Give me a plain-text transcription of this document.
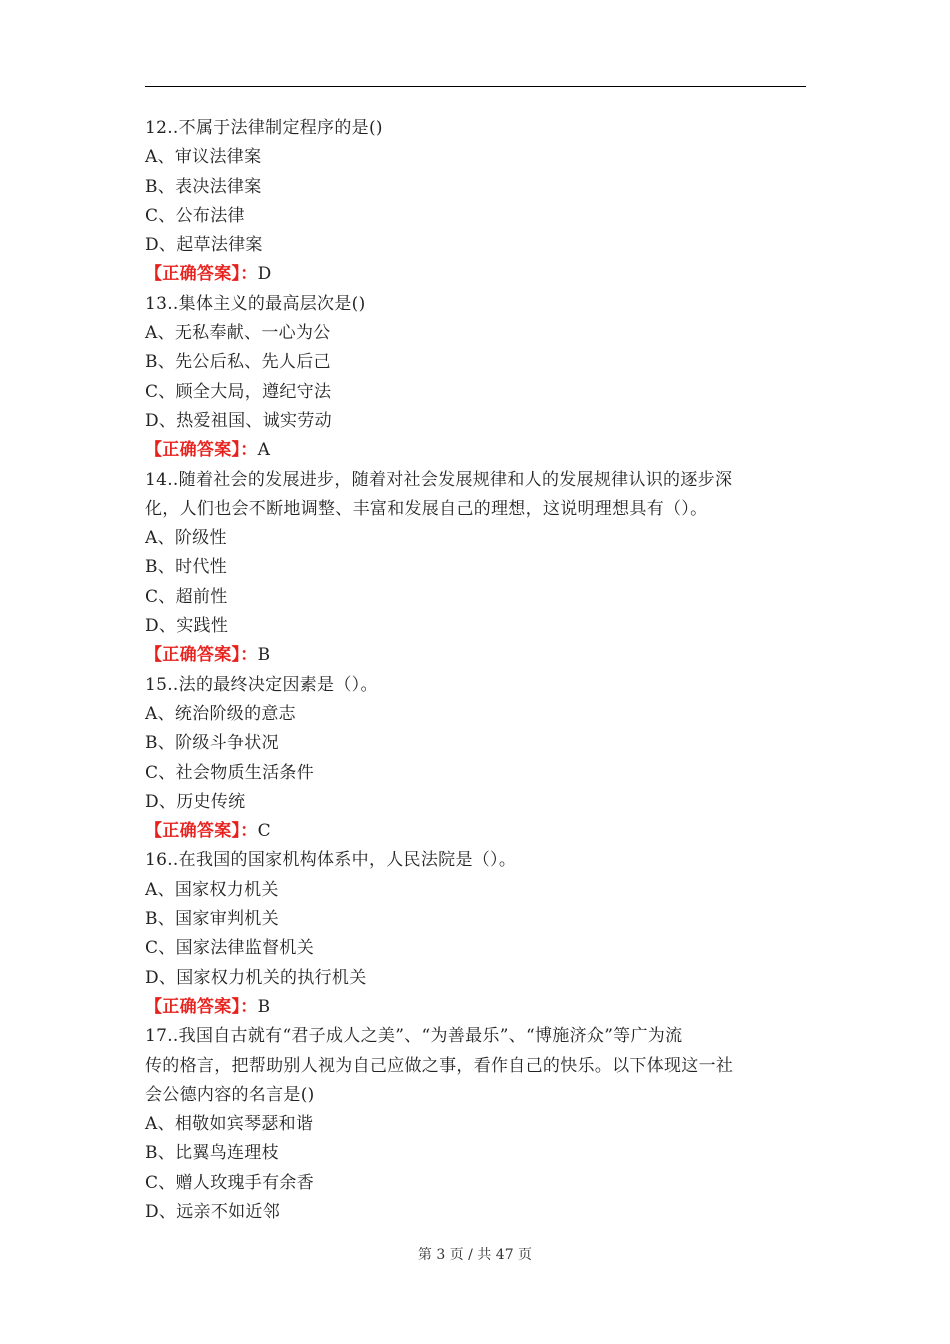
12..不属于法律制定程序的是()
A、审议法律案
B、表决法律案
C、公布法律
D、起草法律案
【正确答案】：D
13..集体主义的最高层次是()
A、无私奉献、一心为公
B、先公后私、先人后己
C、顾全大局，遵纪守法
D、热爱祖国、诚实劳动
【正确答案】：A
14..随着社会的发展进步，随着对社会发展规律和人的发展规律认识的逐步深
化，人们也会不断地调整、丰富和发展自己的理想，这说明理想具有（）。
A、阶级性
B、时代性
C、超前性
D、实践性
【正确答案】：B
15..法的最终决定因素是（）。
A、统治阶级的意志
B、阶级斗争状况
C、社会物质生活条件
D、历史传统
【正确答案】：C
16..在我国的国家机构体系中，人民法院是（）。
A、国家权力机关
B、国家审判机关
C、国家法律监督机关
D、国家权力机关的执行机关
【正确答案】：B
17..我国自古就有“君子成人之美”、“为善最乐”、“博施济众”等广为流
传的格言，把帮助别人视为自己应做之事，看作自己的快乐。以下体现这一社
会公德内容的名言是()
A、相敬如宾琴瑟和谐
B、比翼鸟连理枝
C、赠人玫瑰手有余香
D、远亲不如近邻
第 3 页 / 共 47 页
